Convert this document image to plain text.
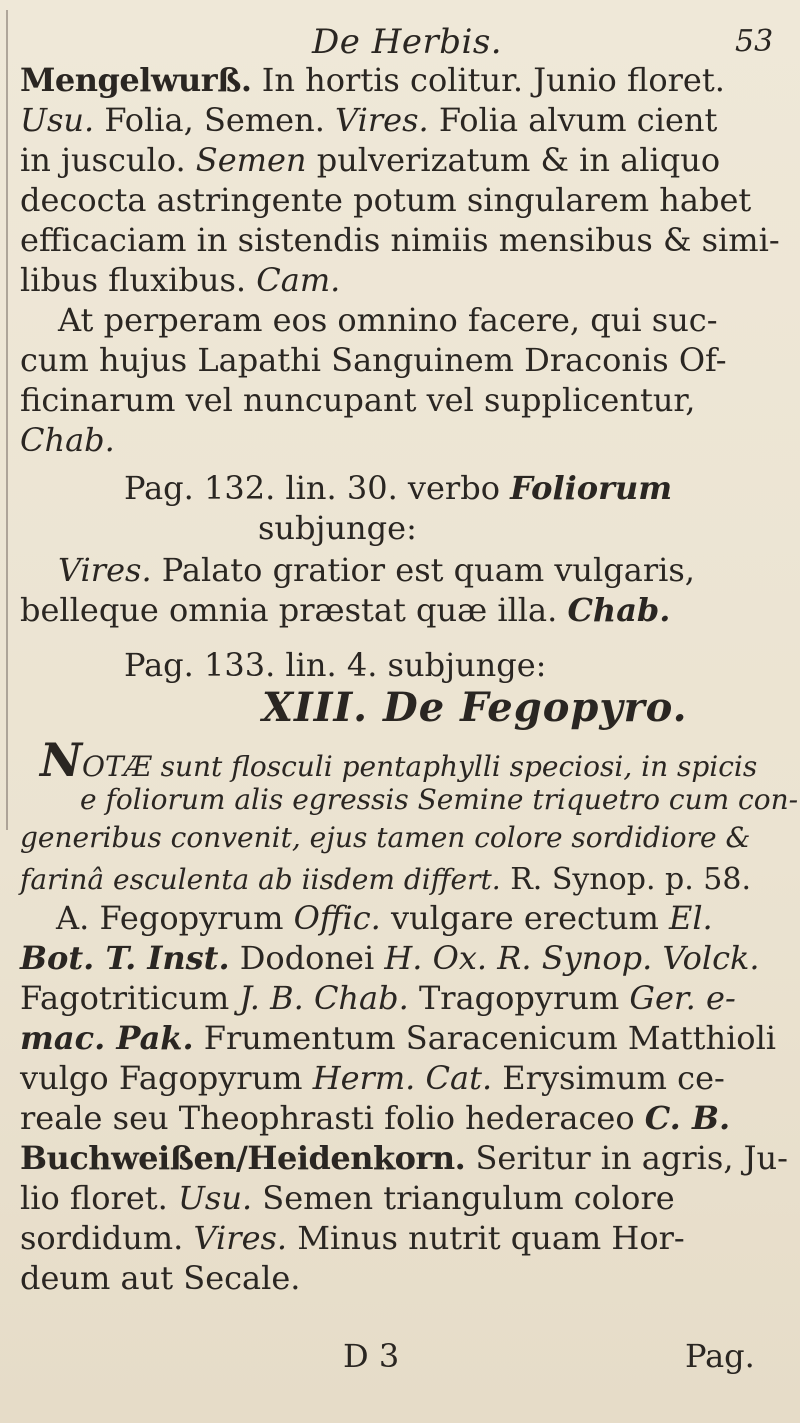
De Herbis.	53
Mengelwurß. In hortis colitur. Junio floret.
Usu. Folia, Semen. Vires. Folia alvum cient
in jusculo. Semen pulverizatum & in aliquo
decocta astringente potum singularem habet
efficaciam in sistendis nimiis mensibus & simi-
libus fluxibus. Cam.
At perperam eos omnino facere, qui suc-
cum hujus Lapathi Sanguinem Draconis Of-
ficinarum vel nuncupant vel supplicentur,
Chab.
Pag. 132. lin. 30. verbo Foliorum
subjunge:
Vires. Palato gratior est quam vulgaris,
belleque omnia præstat quæ illa. Chab.
Pag. 133. lin. 4. subjunge:
XIII. De Fegopyro.
NOTÆ sunt flosculi pentaphylli speciosi, in spicis
e foliorum alis egressis Semine triquetro cum con-
generibus convenit, ejus tamen colore sordidiore &
farinâ esculenta ab iisdem differt. R. Synop. p. 58.
A. Fegopyrum Offic. vulgare erectum El.
Bot. T. Inst. Dodonei H. Ox. R. Synop. Volck.
Fagotriticum J. B. Chab. Tragopyrum Ger. e-
mac. Pak. Frumentum Saracenicum Matthioli
vulgo Fagopyrum Herm. Cat. Erysimum ce-
reale seu Theophrasti folio hederaceo C. B.
Buchweißen/Heidenkorn. Seritur in agris, Ju-
lio floret. Usu. Semen triangulum colore
sordidum. Vires. Minus nutrit quam Hor-
deum aut Secale.
D 3	Pag.
